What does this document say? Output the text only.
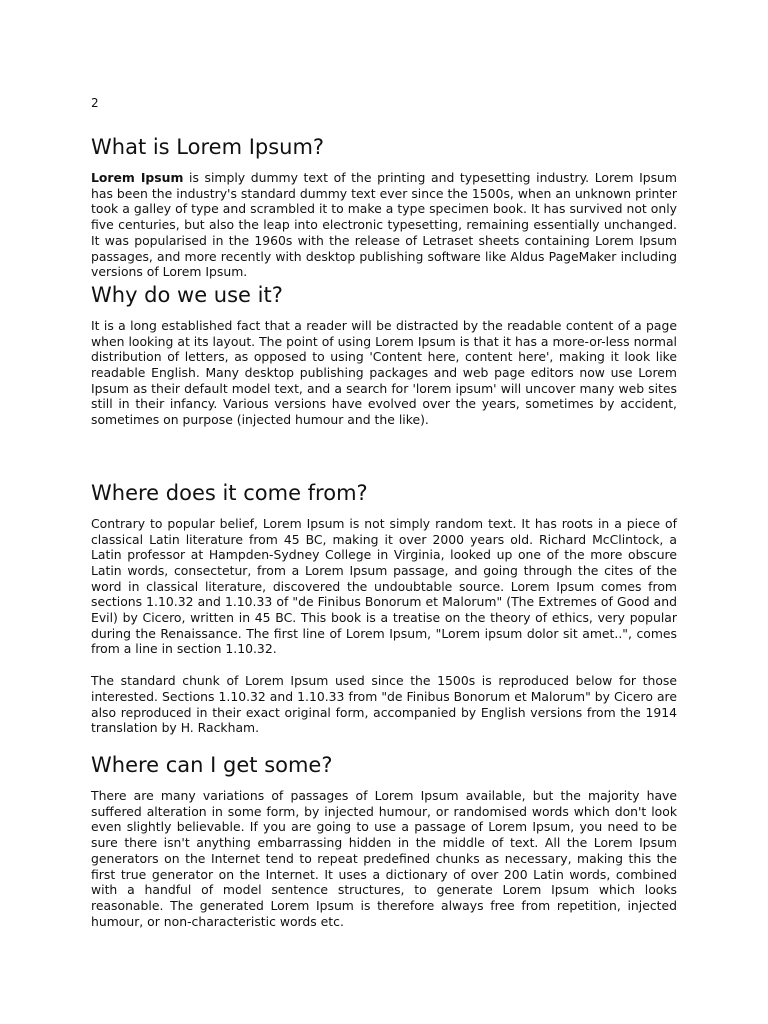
2
What is Lorem Ipsum?

Lorem Ipsum is simply dummy text of the printing and typesetting industry. Lorem Ipsum has been the industry's standard dummy text ever since the 1500s, when an unknown printer took a galley of type and scrambled it to make a type specimen book. It has survived not only five centuries, but also the leap into electronic typesetting, remaining essentially unchanged. It was popularised in the 1960s with the release of Letraset sheets containing Lorem Ipsum passages, and more recently with desktop publishing software like Aldus PageMaker including versions of Lorem Ipsum.

Why do we use it?

It is a long established fact that a reader will be distracted by the readable content of a page when looking at its layout. The point of using Lorem Ipsum is that it has a more-or-less normal distribution of letters, as opposed to using 'Content here, content here', making it look like readable English. Many desktop publishing packages and web page editors now use Lorem Ipsum as their default model text, and a search for 'lorem ipsum' will uncover many web sites still in their infancy. Various versions have evolved over the years, sometimes by accident, sometimes on purpose (injected humour and the like).

Where does it come from?

Contrary to popular belief, Lorem Ipsum is not simply random text. It has roots in a piece of classical Latin literature from 45 BC, making it over 2000 years old. Richard McClintock, a Latin professor at Hampden-Sydney College in Virginia, looked up one of the more obscure Latin words, consectetur, from a Lorem Ipsum passage, and going through the cites of the word in classical literature, discovered the undoubtable source. Lorem Ipsum comes from sections 1.10.32 and 1.10.33 of "de Finibus Bonorum et Malorum" (The Extremes of Good and Evil) by Cicero, written in 45 BC. This book is a treatise on the theory of ethics, very popular during the Renaissance. The first line of Lorem Ipsum, "Lorem ipsum dolor sit amet..", comes from a line in section 1.10.32.

The standard chunk of Lorem Ipsum used since the 1500s is reproduced below for those interested. Sections 1.10.32 and 1.10.33 from "de Finibus Bonorum et Malorum" by Cicero are also reproduced in their exact original form, accompanied by English versions from the 1914 translation by H. Rackham.

Where can I get some?

There are many variations of passages of Lorem Ipsum available, but the majority have suffered alteration in some form, by injected humour, or randomised words which don't look even slightly believable. If you are going to use a passage of Lorem Ipsum, you need to be sure there isn't anything embarrassing hidden in the middle of text. All the Lorem Ipsum generators on the Internet tend to repeat predefined chunks as necessary, making this the first true generator on the Internet. It uses a dictionary of over 200 Latin words, combined with a handful of model sentence structures, to generate Lorem Ipsum which looks reasonable. The generated Lorem Ipsum is therefore always free from repetition, injected humour, or non-characteristic words etc.
